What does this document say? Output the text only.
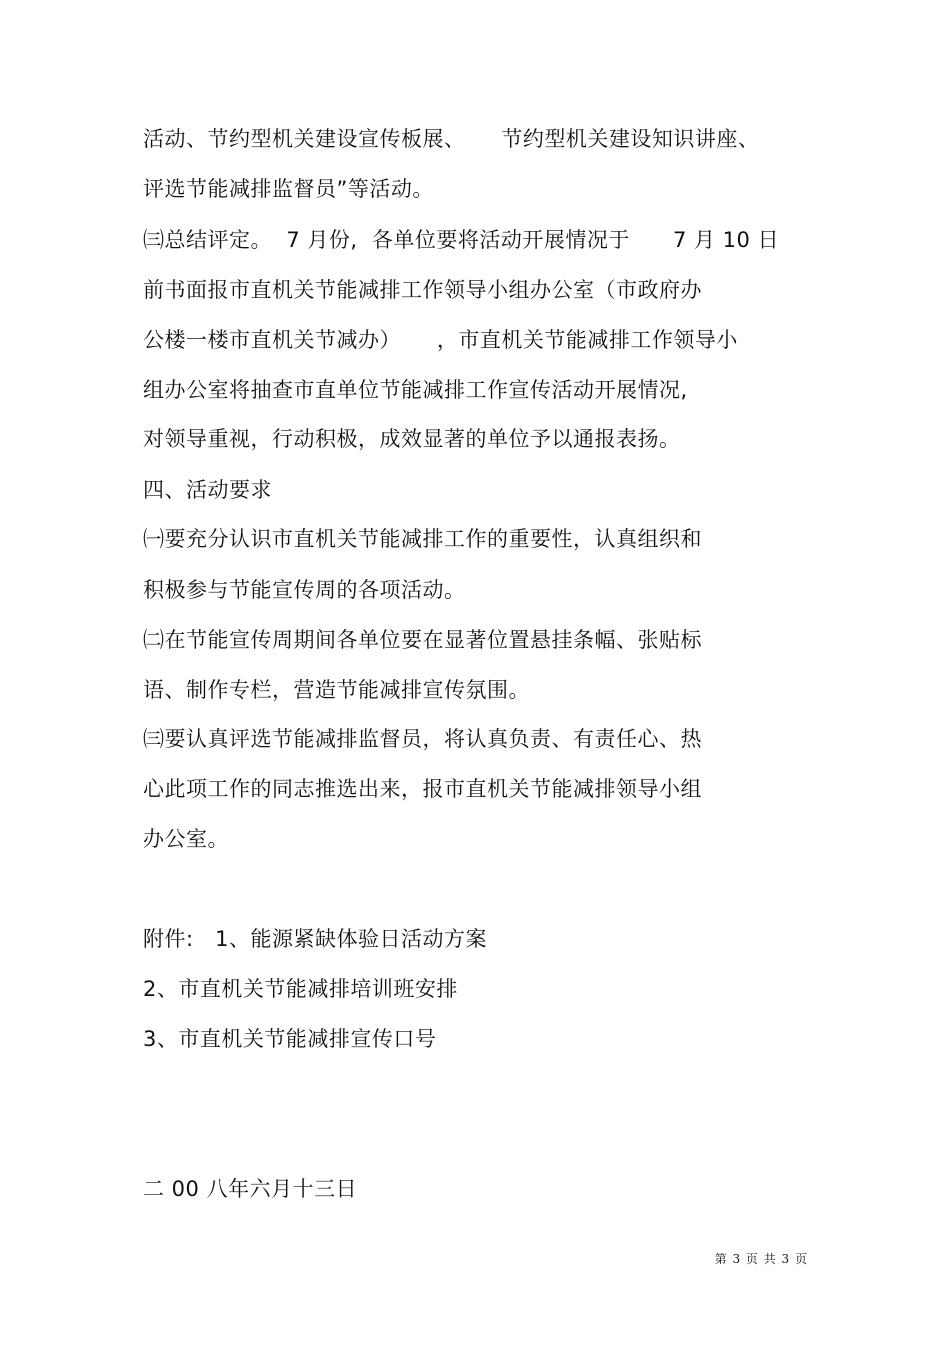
活动、节约型机关建设宣传板展、     节约型机关建设知识讲座、
评选节能减排监督员”等活动。
㈢总结评定。  7 月份,  各单位要将活动开展情况于      7 月 10 日
前书面报市直机关节能减排工作领导小组办公室（市政府办
公楼一楼市直机关节减办）     ，市直机关节能减排工作领导小
组办公室将抽查市直单位节能减排工作宣传活动开展情况,
对领导重视，行动积极，成效显著的单位予以通报表扬。
四、活动要求
㈠要充分认识市直机关节能减排工作的重要性，认真组织和
积极参与节能宣传周的各项活动。
㈡在节能宣传周期间各单位要在显著位置悬挂条幅、张贴标
语、制作专栏，营造节能减排宣传氛围。
㈢要认真评选节能减排监督员，将认真负责、有责任心、热
心此项工作的同志推选出来，报市直机关节能减排领导小组
办公室。
附件:   1、能源紧缺体验日活动方案
2、市直机关节能减排培训班安排
3、市直机关节能减排宣传口号
二 00 八年六月十三日
第 3 页 共 3 页
